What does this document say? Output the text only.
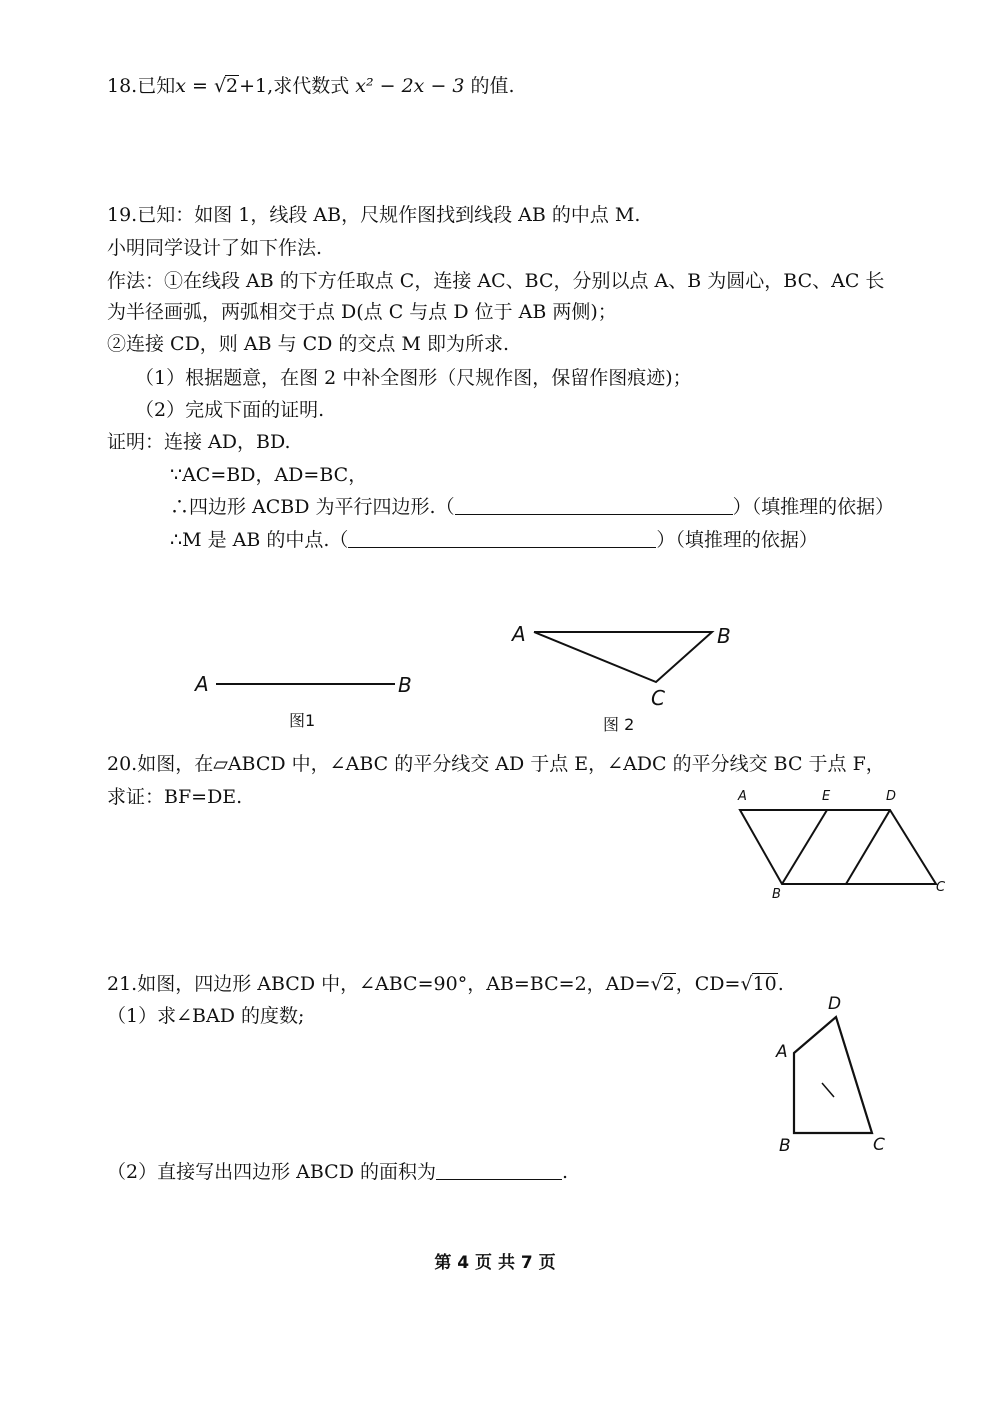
18.已知x = √2+1,求代数式 x² − 2x − 3 的值.
19.已知：如图 1，线段 AB，尺规作图找到线段 AB 的中点 M.
小明同学设计了如下作法.
作法：①在线段 AB 的下方任取点 C，连接 AC、BC，分别以点 A、B 为圆心，BC、AC 长
为半径画弧，两弧相交于点 D(点 C 与点 D 位于 AB 两侧)；
②连接 CD，则 AB 与 CD 的交点 M 即为所求.
（1）根据题意，在图 2 中补全图形（尺规作图，保留作图痕迹)；
（2）完成下面的证明.
证明：连接 AD，BD.
∵AC=BD，AD=BC，
∴四边形 ACBD 为平行四边形.（	）（填推理的依据）
∴M 是 AB 的中点.（	）（填推理的依据）
A	B
图1
A	B
C
图 2
20.如图，在▱ABCD 中，∠ABC 的平分线交 AD 于点 E，∠ADC 的平分线交 BC 于点 F，
求证：BF=DE.	A	E	D
B	C
21.如图，四边形 ABCD 中，∠ABC=90°，AB=BC=2，AD=√2，CD=√10.
（1）求∠BAD 的度数;
（2）直接写出四边形 ABCD 的面积为	.
D
A
B	C
第 4 页 共 7 页
